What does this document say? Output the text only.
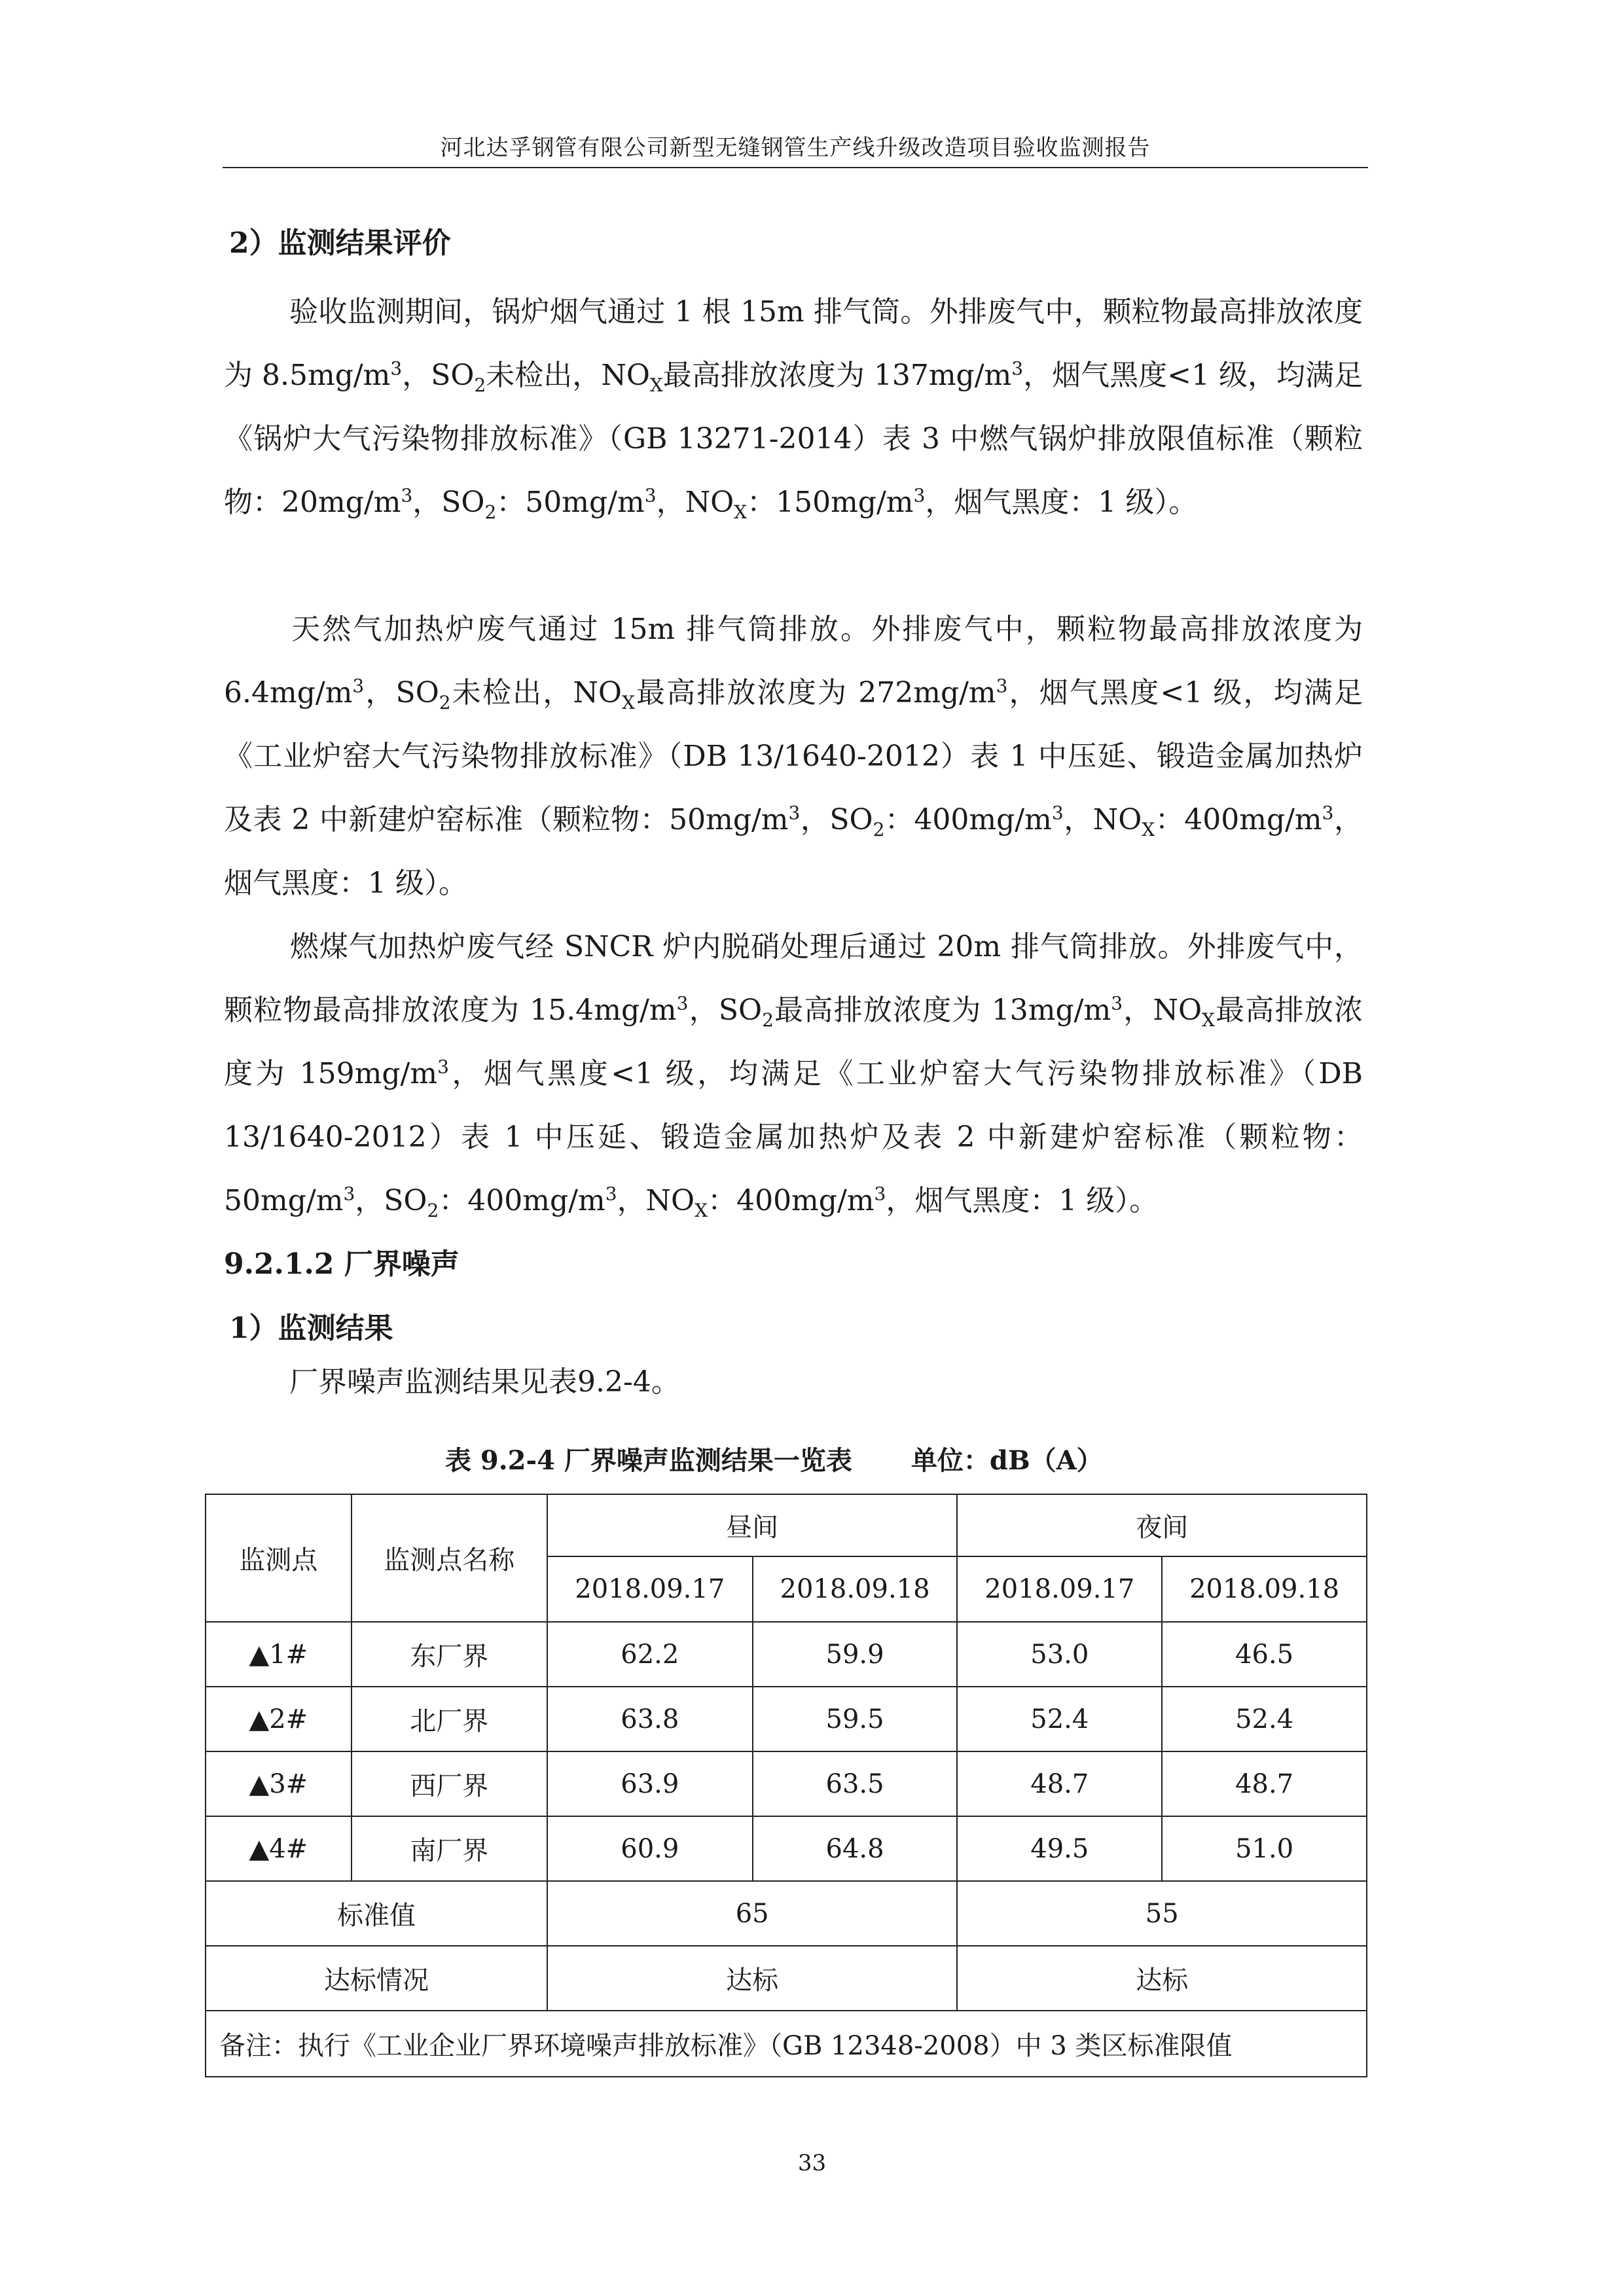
河北达孚钢管有限公司新型无缝钢管生产线升级改造项目验收监测报告
2）监测结果评价
验收监测期间，锅炉烟气通过 1 根 15m 排气筒。外排废气中，颗粒物最高排放浓度为 $8.5mg/m^3$，$SO_2$未检出，$NO_X$最高排放浓度为 $137mg/m^3$，烟气黑度<1 级，均满足《锅炉大气污染物排放标准》（GB 13271-2014）表 3 中燃气锅炉排放限值标准（颗粒物：$20mg/m^3$，$SO_2$：$50mg/m^3$，$NO_X$：$150mg/m^3$，烟气黑度：1 级）。
天然气加热炉废气通过 15m 排气筒排放。外排废气中，颗粒物最高排放浓度为 $6.4mg/m^3$，$SO_2$未检出，$NO_X$最高排放浓度为 $272mg/m^3$，烟气黑度<1 级，均满足《工业炉窑大气污染物排放标准》（DB 13/1640-2012）表 1 中压延、锻造金属加热炉及表 2 中新建炉窑标准（颗粒物：$50mg/m^3$，$SO_2$：$400mg/m^3$，$NO_X$：$400mg/m^3$，烟气黑度：1 级）。
燃煤气加热炉废气经 SNCR 炉内脱硝处理后通过 20m 排气筒排放。外排废气中，颗粒物最高排放浓度为 $15.4mg/m^3$，$SO_2$最高排放浓度为 $13mg/m^3$，$NO_X$最高排放浓度为 $159mg/m^3$，烟气黑度<1 级，均满足《工业炉窑大气污染物排放标准》（DB 13/1640-2012）表 1 中压延、锻造金属加热炉及表 2 中新建炉窑标准（颗粒物：$50mg/m^3$，$SO_2$：$400mg/m^3$，$NO_X$：$400mg/m^3$，烟气黑度：1 级）。
9.2.1.2 厂界噪声
1）监测结果
厂界噪声监测结果见表9.2-4。
表 9.2-4 厂界噪声监测结果一览表 单位：dB（A）
监测点	监测点名称	昼间		夜间	
		2018.09.17	2018.09.18	2018.09.17	2018.09.18
▲1#	东厂界	62.2	59.9	53.0	46.5
▲2#	北厂界	63.8	59.5	52.4	52.4
▲3#	西厂界	63.9	63.5	48.7	48.7
▲4#	南厂界	60.9	64.8	49.5	51.0
标准值		65		55	
达标情况		达标		达标	
备注：执行《工业企业厂界环境噪声排放标准》（GB 12348-2008）中 3 类区标准限值					
33
